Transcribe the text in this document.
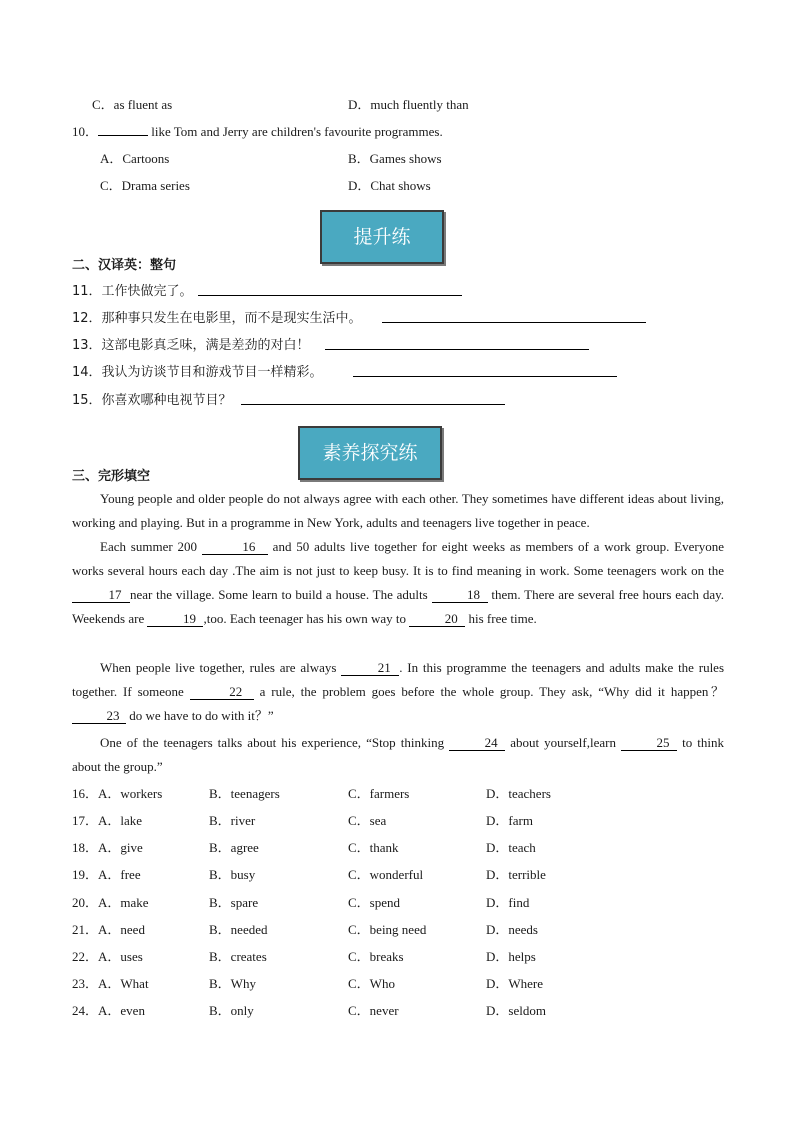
C．as fluent as	D．much fluently than
10．	like Tom and Jerry are children's favourite programmes.
A．Cartoons	B．Games shows
C．Drama series	D．Chat shows
提升练
二、汉译英：整句
11．工作快做完了。
12．那种事只发生在电影里，而不是现实生活中。
13．这部电影真乏味，满是差劲的对白！
14．我认为访谈节目和游戏节目一样精彩。
15．你喜欢哪种电视节目？
素养探究练
三、完形填空
Young people and older people do not always agree with each other. They sometimes have different ideas about living, working and playing. But in a programme in New York, adults and teenagers live together in peace.
Each summer 200	16 and 50 adults live together for eight weeks as members of a work group. Everyone works several hours each day .The aim is not just to keep busy. It is to find meaning in work. Some teenagers work on the 17 near the village. Some learn to build a house. The adults	18 them. There are several free hours each day. Weekends are	19 ,too. Each teenager has his own way to	20 his free time.
When people live together, rules are always	21 . In this programme the teenagers and adults make the rules together. If someone	22 a rule, the problem goes before the whole group. They ask, “Why did it happen？ 23 do we have to do with it？”
One of the teenagers talks about his experience, “Stop thinking	24 about yourself,learn	25 to think about the group.”
16．A．workers	B．teenagers	C．farmers	D．teachers
17．A．lake	B．river	C．sea	D．farm
18．A．give	B．agree	C．thank	D．teach
19．A．free	B．busy	C．wonderful	D．terrible
20．A．make	B．spare	C．spend	D．find
21．A．need	B．needed	C．being need	D．needs
22．A．uses	B．creates	C．breaks	D．helps
23．A．What	B．Why	C．Who	D．Where
24．A．even	B．only	C．never	D．seldom
